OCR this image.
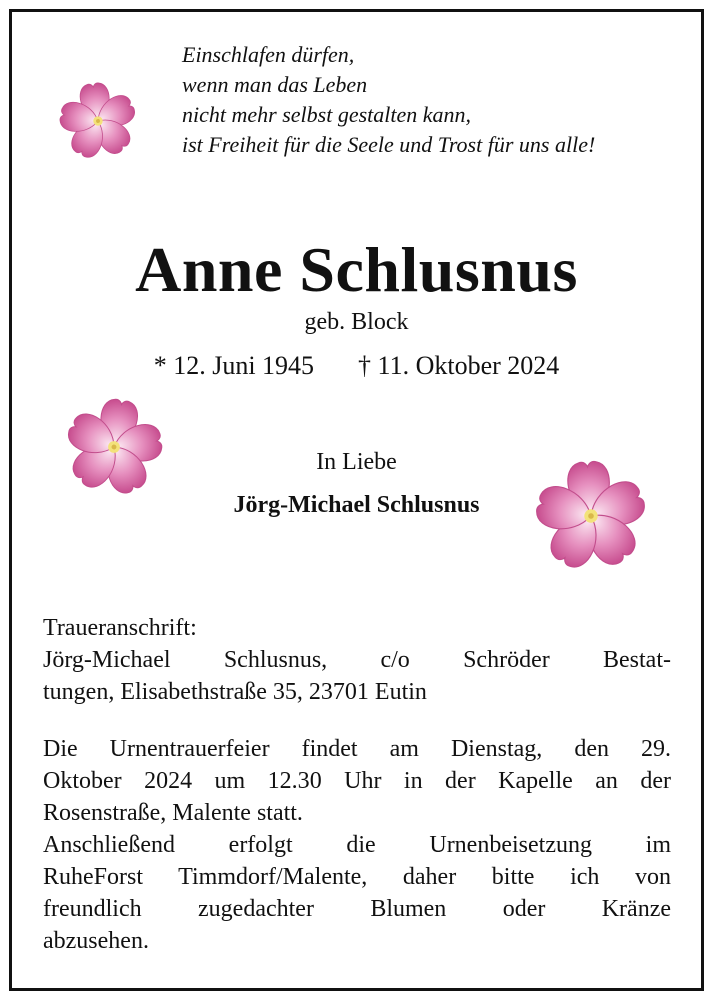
Einschlafen dürfen,
wenn man das Leben
nicht mehr selbst gestalten kann,
ist Freiheit für die Seele und Trost für uns alle!
Anne Schlusnus
geb. Block
* 12. Juni 1945 † 11. Oktober 2024
In Liebe
Jörg-Michael Schlusnus
Traueranschrift:
Jörg-Michael Schlusnus, c/o Schröder Bestat-
tungen, Elisabethstraße 35, 23701 Eutin
Die Urnentrauerfeier findet am Dienstag, den 29.
Oktober 2024 um 12.30 Uhr in der Kapelle an der
Rosenstraße, Malente statt.
Anschließend erfolgt die Urnenbeisetzung im
RuheForst Timmdorf/Malente, daher bitte ich von
freundlich zugedachter Blumen oder Kränze
abzusehen.
